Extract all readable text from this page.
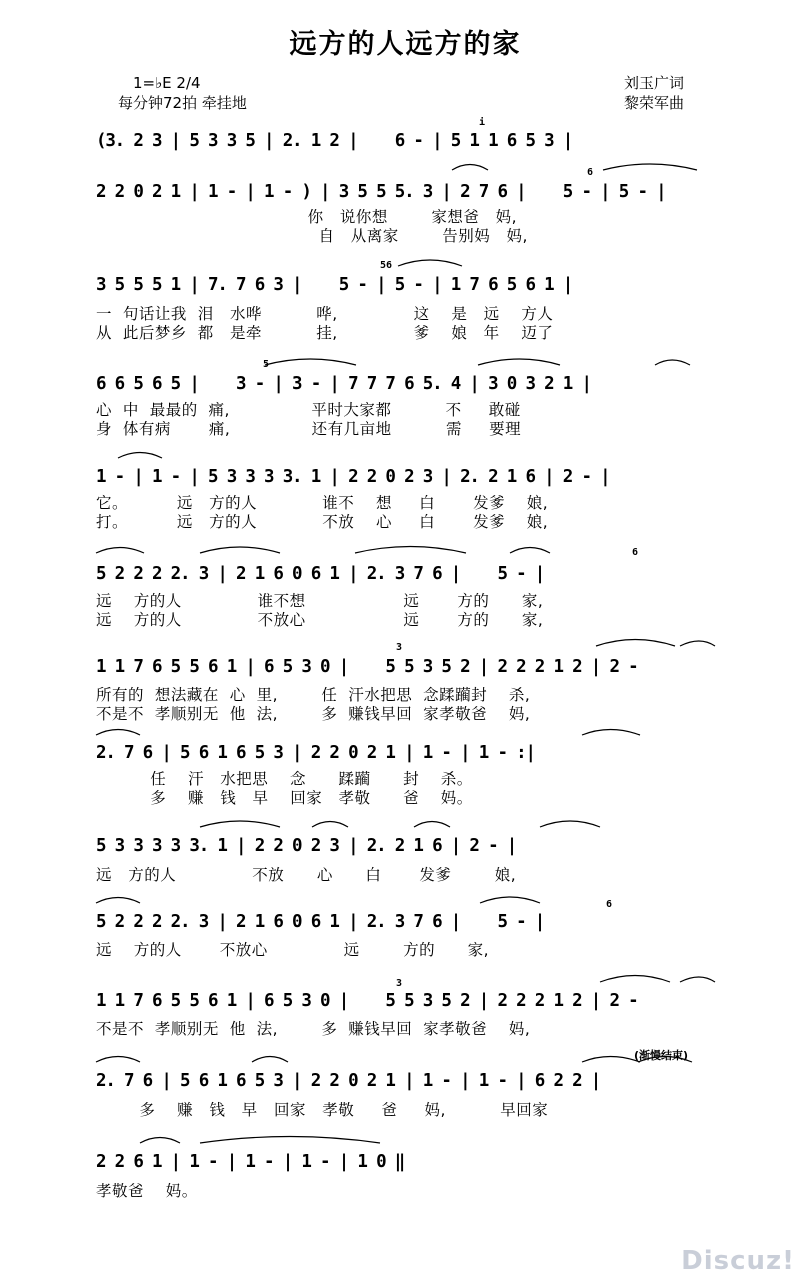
远方的人远方的家
1=♭E 2/4
每分钟72拍 牵挂地
刘玉广词
黎荣军曲
(3. 2 3 | 5 3 3 5 | 2. 1 2 |    6 - | 5 1 1 6 5 3 |
i
2 2 0 2 1 | 1 - | 1 - ) | 3 5 5 5. 3 | 2 7 6 |    5 - | 5 - |
6
你   说你想        家想爸   妈,
自   从离家        告别妈   妈,
3 5 5 5 1 | 7. 7 6 3 |    5 - | 5 - | 1 7 6 5 6 1 |
56
一  句话让我  泪   水哗          哗,              这    是   远    方人
从  此后梦乡  都   是牵          挂,              爹    娘   年    迈了
6 6 5 6 5 |    3 - | 3 - | 7 7 7 6 5. 4 | 3 0 3 2 1 |
5
心  中  最最的  痛,               平时大家都          不     敢碰
身  体有病       痛,               还有几亩地          需     要理
1 - | 1 - | 5 3 3 3 3. 1 | 2 2 0 2 3 | 2. 2 1 6 | 2 - |
它。         远   方的人            谁不    想     白       发爹    娘,
打。         远   方的人            不放    心     白       发爹    娘,
5 2 2 2 2. 3 | 2 1 6 0 6 1 | 2. 3 7 6 |    5 - |
6
远    方的人              谁不想                  远       方的      家,
远    方的人              不放心                  远       方的      家,
1 1 7 6 5 5 6 1 | 6 5 3 0 |    5 5 3 5 2 | 2 2 2 1 2 | 2 -
3
所有的  想法藏在  心  里,        任  汗水把思  念蹂躏封    杀,
不是不  孝顺别无  他  法,        多  赚钱早回  家孝敬爸    妈,
2. 7 6 | 5 6 1 6 5 3 | 2 2 0 2 1 | 1 - | 1 - :|
任    汗   水把思    念      蹂躏      封    杀。
多    赚   钱   早    回家   孝敬      爸    妈。
5 3 3 3 3 3. 1 | 2 2 0 2 3 | 2. 2 1 6 | 2 - |
远   方的人              不放      心      白       发爹        娘,
5 2 2 2 2. 3 | 2 1 6 0 6 1 | 2. 3 7 6 |    5 - |
6
远    方的人       不放心              远        方的      家,
1 1 7 6 5 5 6 1 | 6 5 3 0 |    5 5 3 5 2 | 2 2 2 1 2 | 2 -
3
不是不  孝顺别无  他  法,        多  赚钱早回  家孝敬爸    妈,
(渐慢结束)
2. 7 6 | 5 6 1 6 5 3 | 2 2 0 2 1 | 1 - | 1 - | 6 2 2 |
多    赚   钱   早   回家   孝敬     爸     妈,          早回家
2 2 6 1 | 1 - | 1 - | 1 - | 1 0 ‖
孝敬爸    妈。
Discuz!
